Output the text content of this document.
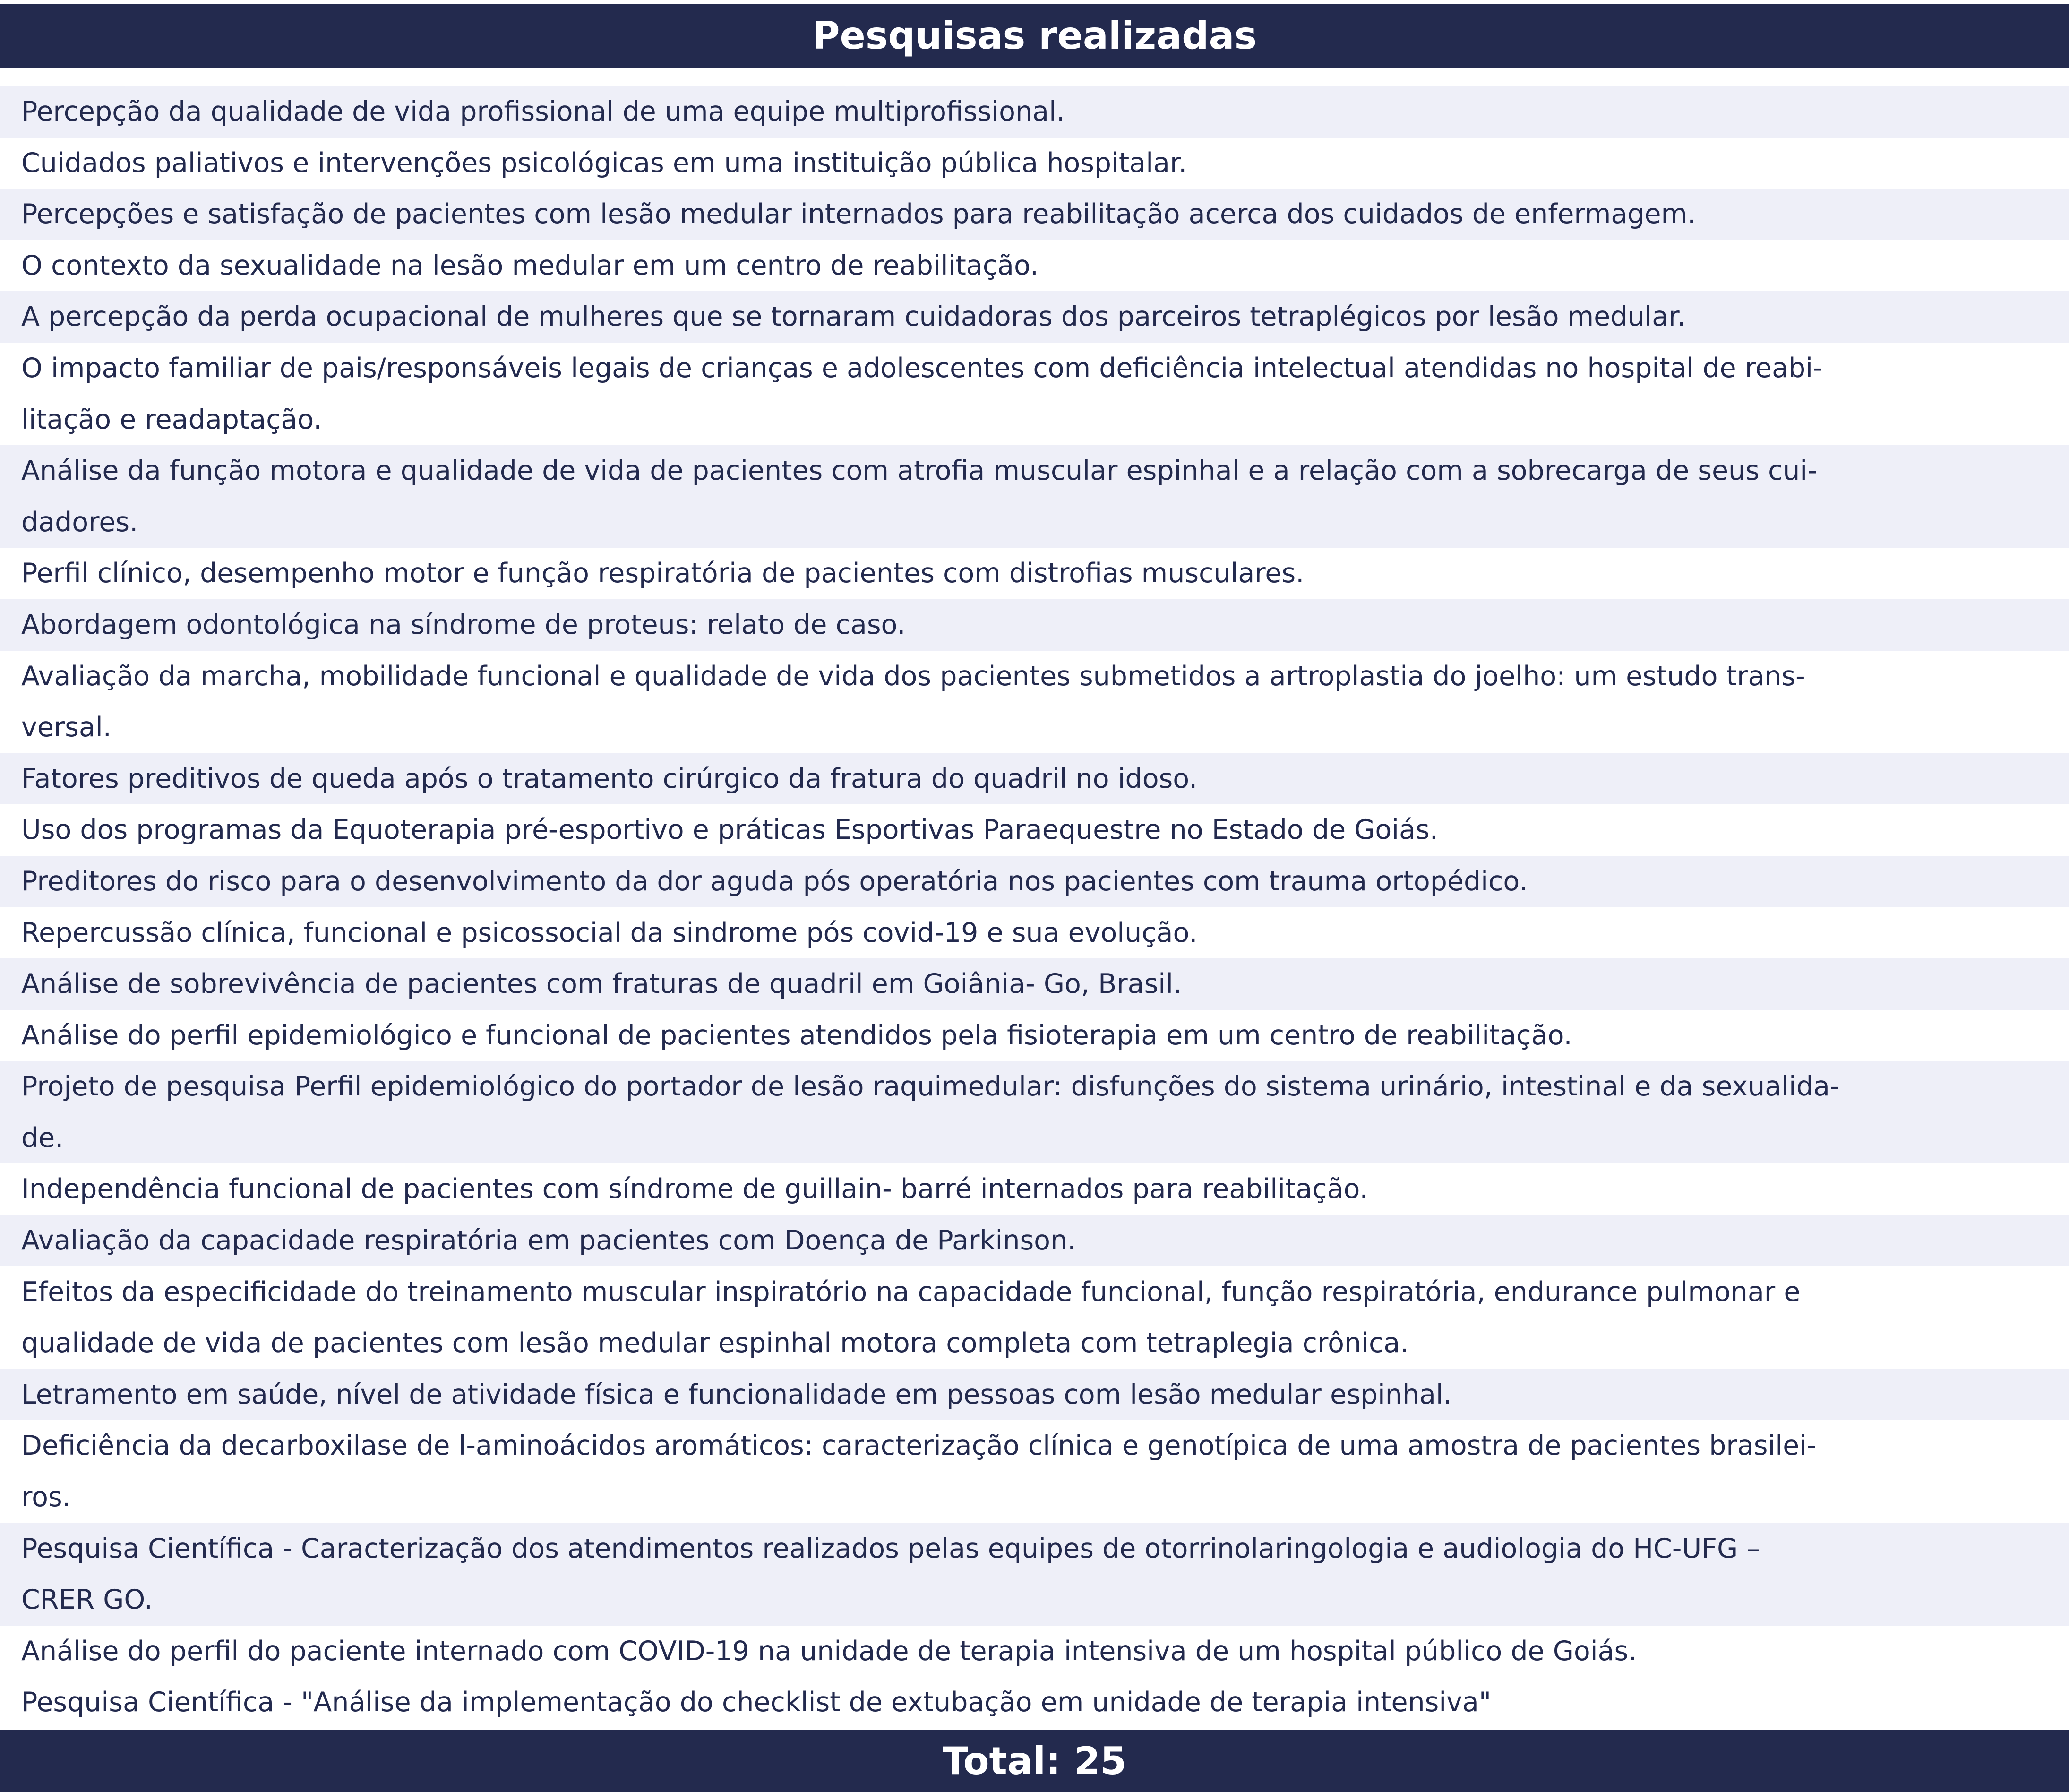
Pesquisas realizadas
Percepção da qualidade de vida profissional de uma equipe multiprofissional.
Cuidados paliativos e intervenções psicológicas em uma instituição pública hospitalar.
Percepções e satisfação de pacientes com lesão medular internados para reabilitação acerca dos cuidados de enfermagem.
O contexto da sexualidade na lesão medular em um centro de reabilitação.
A percepção da perda ocupacional de mulheres que se tornaram cuidadoras dos parceiros tetraplégicos por lesão medular.
O impacto familiar de pais/responsáveis legais de crianças e adolescentes com deficiência intelectual atendidas no hospital de reabi-
litação e readaptação.
Análise da função motora e qualidade de vida de pacientes com atrofia muscular espinhal e a relação com a sobrecarga de seus cui-
dadores.
Perfil clínico, desempenho motor e função respiratória de pacientes com distrofias musculares.
Abordagem odontológica na síndrome de proteus: relato de caso.
Avaliação da marcha, mobilidade funcional e qualidade de vida dos pacientes submetidos a artroplastia do joelho: um estudo trans-
versal.
Fatores preditivos de queda após o tratamento cirúrgico da fratura do quadril no idoso.
Uso dos programas da Equoterapia pré-esportivo e práticas Esportivas Paraequestre no Estado de Goiás.
Preditores do risco para o desenvolvimento da dor aguda pós operatória nos pacientes com trauma ortopédico.
Repercussão clínica, funcional e psicossocial da sindrome pós covid-19 e sua evolução.
Análise de sobrevivência de pacientes com fraturas de quadril em Goiânia- Go, Brasil.
Análise do perfil epidemiológico e funcional de pacientes atendidos pela fisioterapia em um centro de reabilitação.
Projeto de pesquisa Perfil epidemiológico do portador de lesão raquimedular: disfunções do sistema urinário, intestinal e da sexualida-
de.
Independência funcional de pacientes com síndrome de guillain- barré internados para reabilitação.
Avaliação da capacidade respiratória em pacientes com Doença de Parkinson.
Efeitos da especificidade do treinamento muscular inspiratório na capacidade funcional, função respiratória, endurance pulmonar e
qualidade de vida de pacientes com lesão medular espinhal motora completa com tetraplegia crônica.
Letramento em saúde, nível de atividade física e funcionalidade em pessoas com lesão medular espinhal.
Deficiência da decarboxilase de l-aminoácidos aromáticos: caracterização clínica e genotípica de uma amostra de pacientes brasilei-
ros.
Pesquisa Científica - Caracterização dos atendimentos realizados pelas equipes de otorrinolaringologia e audiologia do HC-UFG –
CRER GO.
Análise do perfil do paciente internado com COVID-19 na unidade de terapia intensiva de um hospital público de Goiás.
Pesquisa Científica - "Análise da implementação do checklist de extubação em unidade de terapia intensiva"
Total: 25
